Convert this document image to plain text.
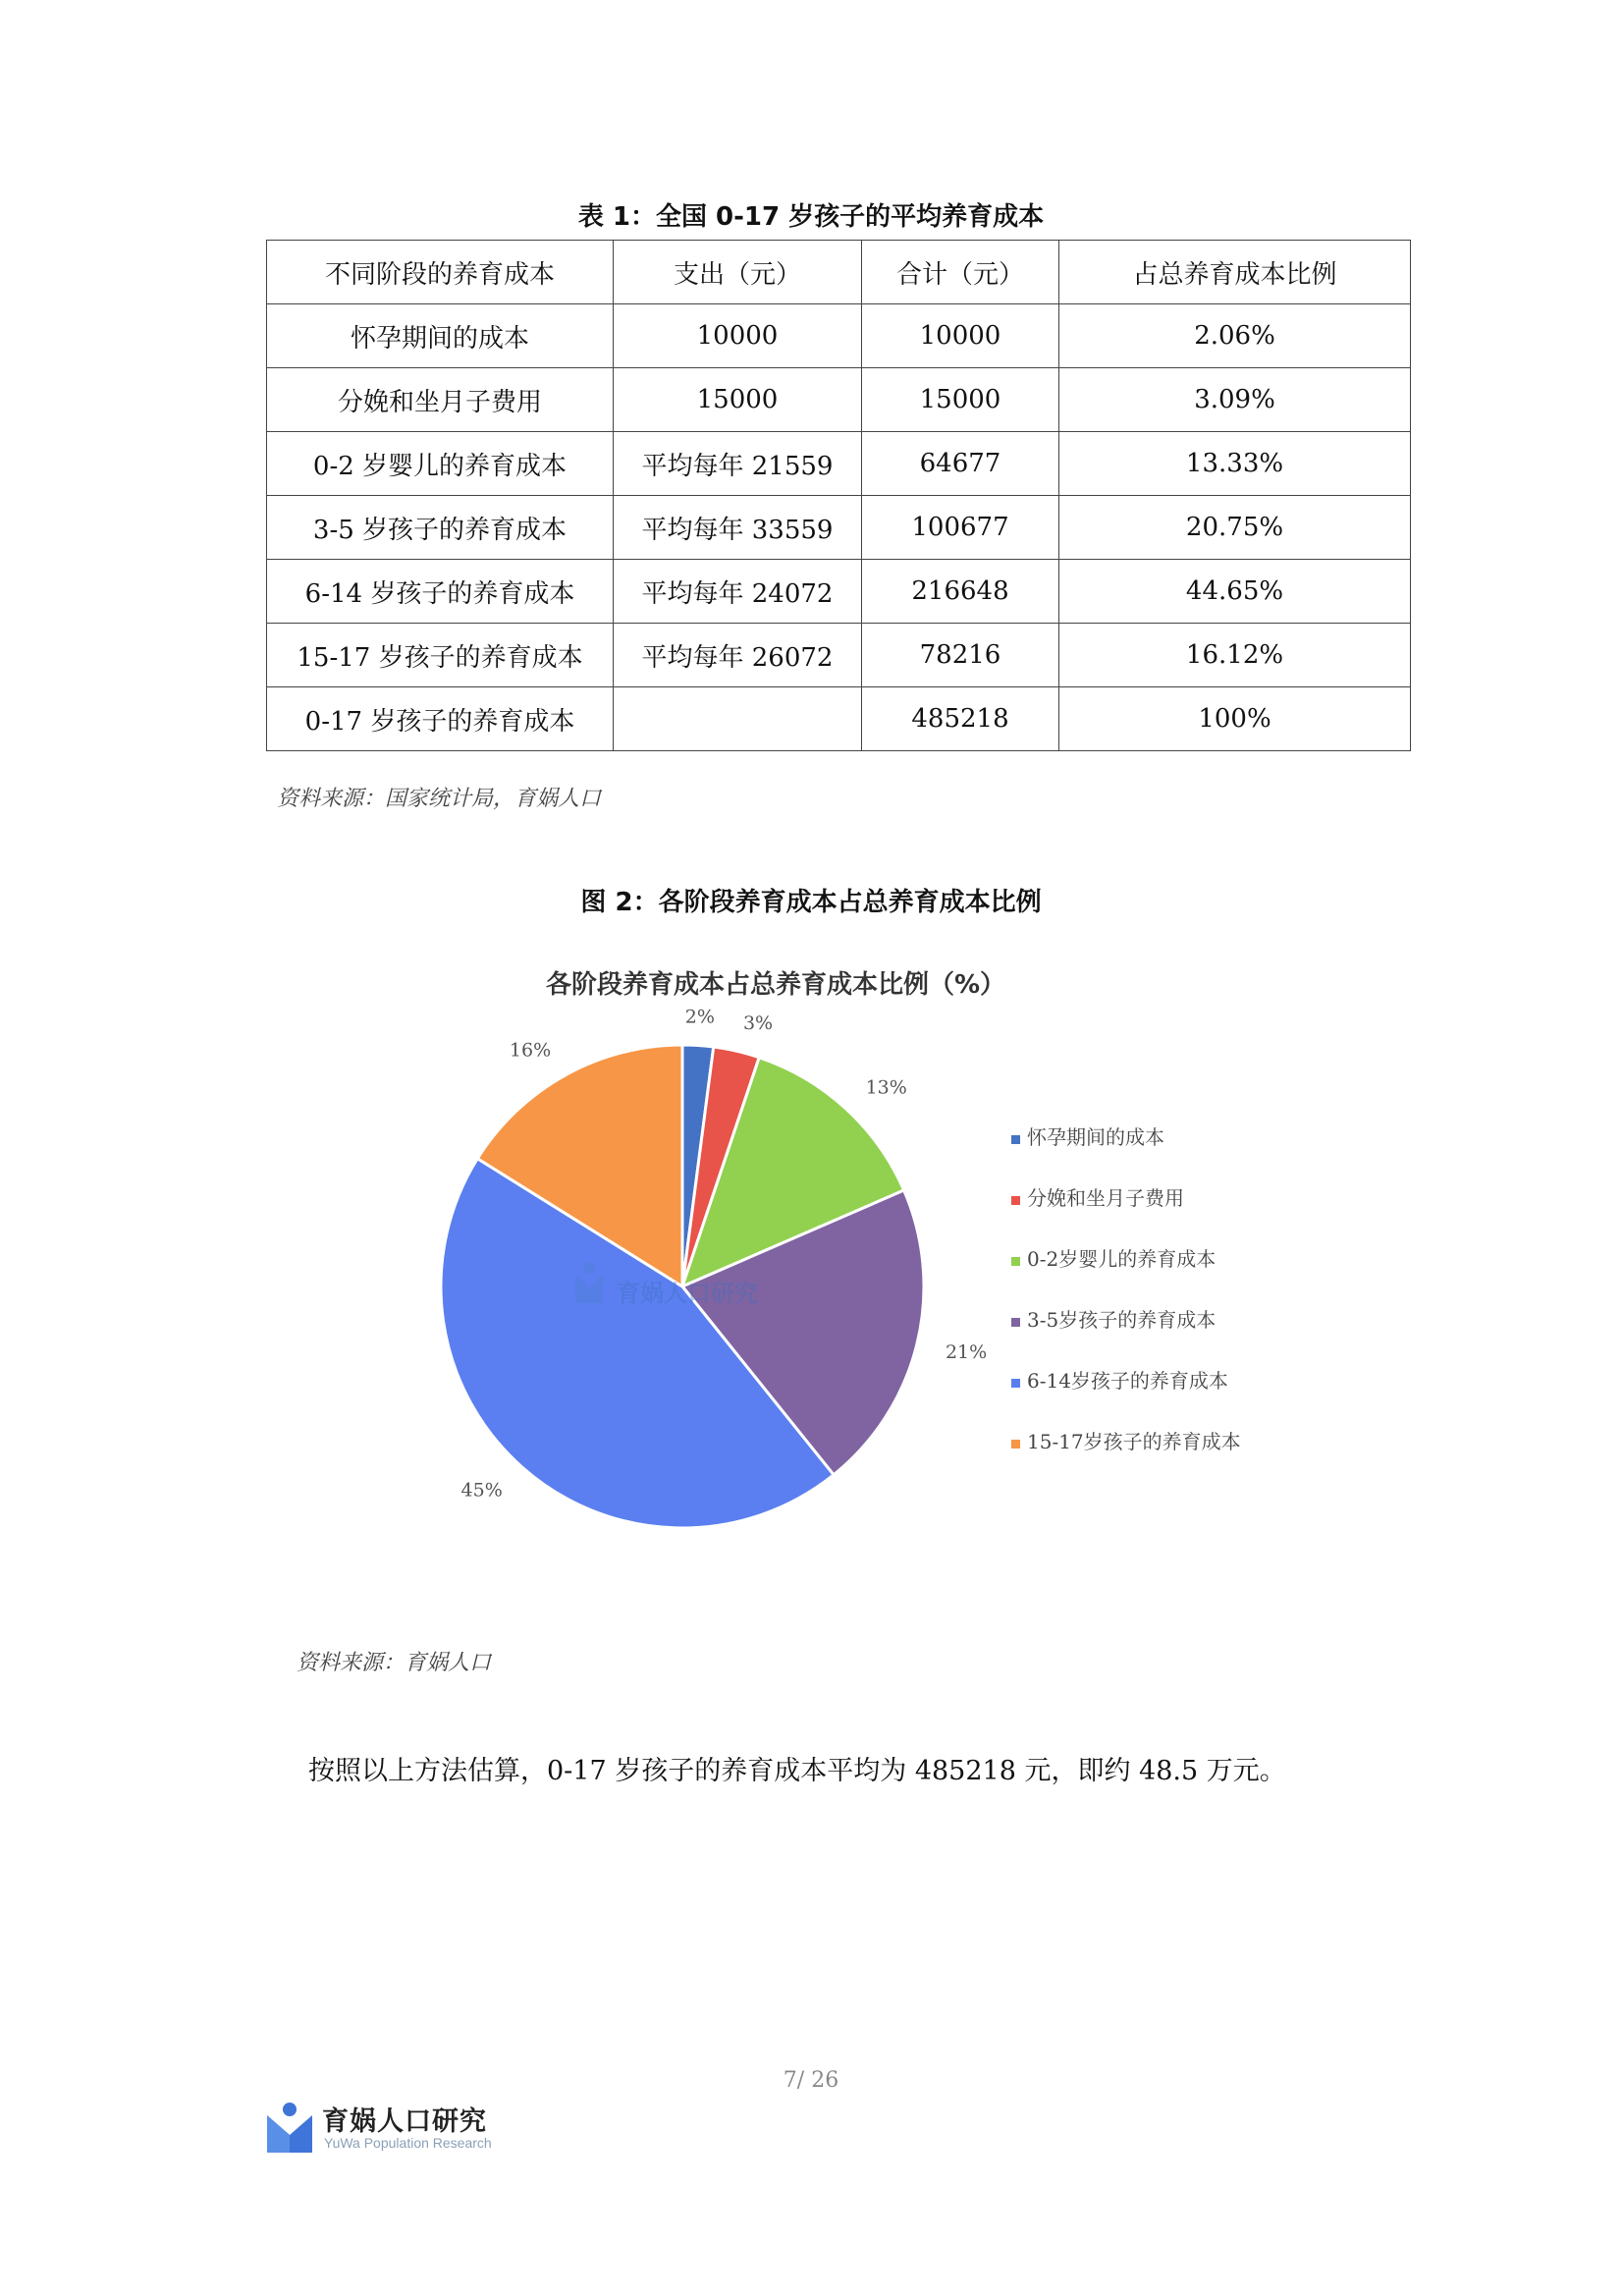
表 1：全国 0-17 岁孩子的平均养育成本
不同阶段的养育成本	支出（元）	合计（元）	占总养育成本比例
怀孕期间的成本	10000	10000	2.06%
分娩和坐月子费用	15000	15000	3.09%
0-2 岁婴儿的养育成本	平均每年 21559	64677	13.33%
3-5 岁孩子的养育成本	平均每年 33559	100677	20.75%
6-14 岁孩子的养育成本	平均每年 24072	216648	44.65%
15-17 岁孩子的养育成本	平均每年 26072	78216	16.12%
0-17 岁孩子的养育成本		485218	100%
资料来源：国家统计局，育娲人口
图 2：各阶段养育成本占总养育成本比例
各阶段养育成本占总养育成本比例（%）
育娲人口研究
2% 3%
13%
21%
45%
16%
怀孕期间的成本
分娩和坐月子费用
0-2岁婴儿的养育成本
3-5岁孩子的养育成本
6-14岁孩子的养育成本
15-17岁孩子的养育成本
资料来源：育娲人口
按照以上方法估算，0-17 岁孩子的养育成本平均为 485218 元，即约 48.5 万元。
7/ 26
育娲人口研究
YuWa Population Research
